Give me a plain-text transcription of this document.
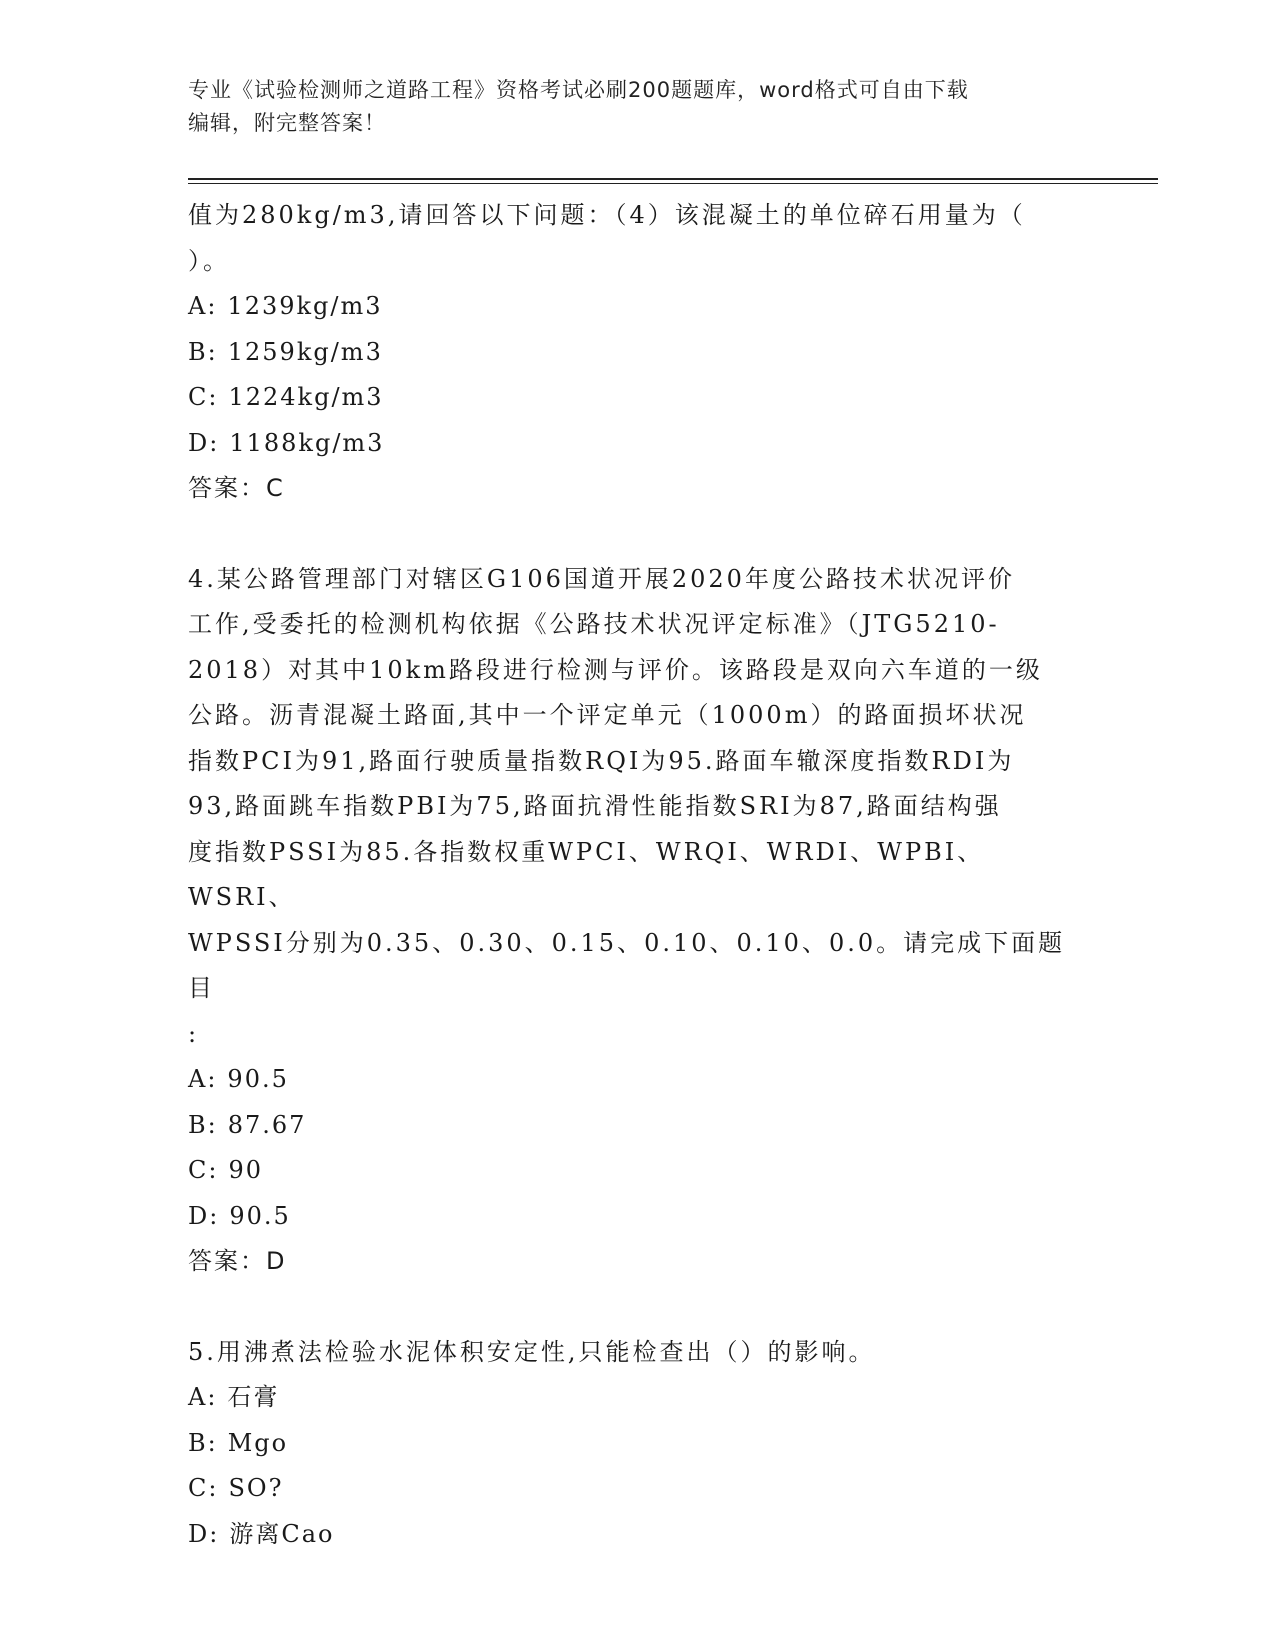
专业《试验检测师之道路工程》资格考试必刷200题题库，word格式可自由下载
编辑，附完整答案！
值为280kg/m3,请回答以下问题：（4）该混凝土的单位碎石用量为（
）。
A: 1239kg/m3
B: 1259kg/m3
C: 1224kg/m3
D: 1188kg/m3
答案：C
4.某公路管理部门对辖区G106国道开展2020年度公路技术状况评价
工作,受委托的检测机构依据《公路技术状况评定标准》（JTG5210-
2018）对其中10km路段进行检测与评价。该路段是双向六车道的一级
公路。沥青混凝土路面,其中一个评定单元（1000m）的路面损坏状况
指数PCI为91,路面行驶质量指数RQI为95.路面车辙深度指数RDI为
93,路面跳车指数PBI为75,路面抗滑性能指数SRI为87,路面结构强
度指数PSSI为85.各指数权重WPCI、WRQI、WRDI、WPBI、WSRI、
WPSSI分别为0.35、0.30、0.15、0.10、0.10、0.0。请完成下面题目
:
A: 90.5
B: 87.67
C: 90
D: 90.5
答案：D
5.用沸煮法检验水泥体积安定性,只能检查出（）的影响。
A: 石膏
B: Mgo
C: SO?
D: 游离Cao
